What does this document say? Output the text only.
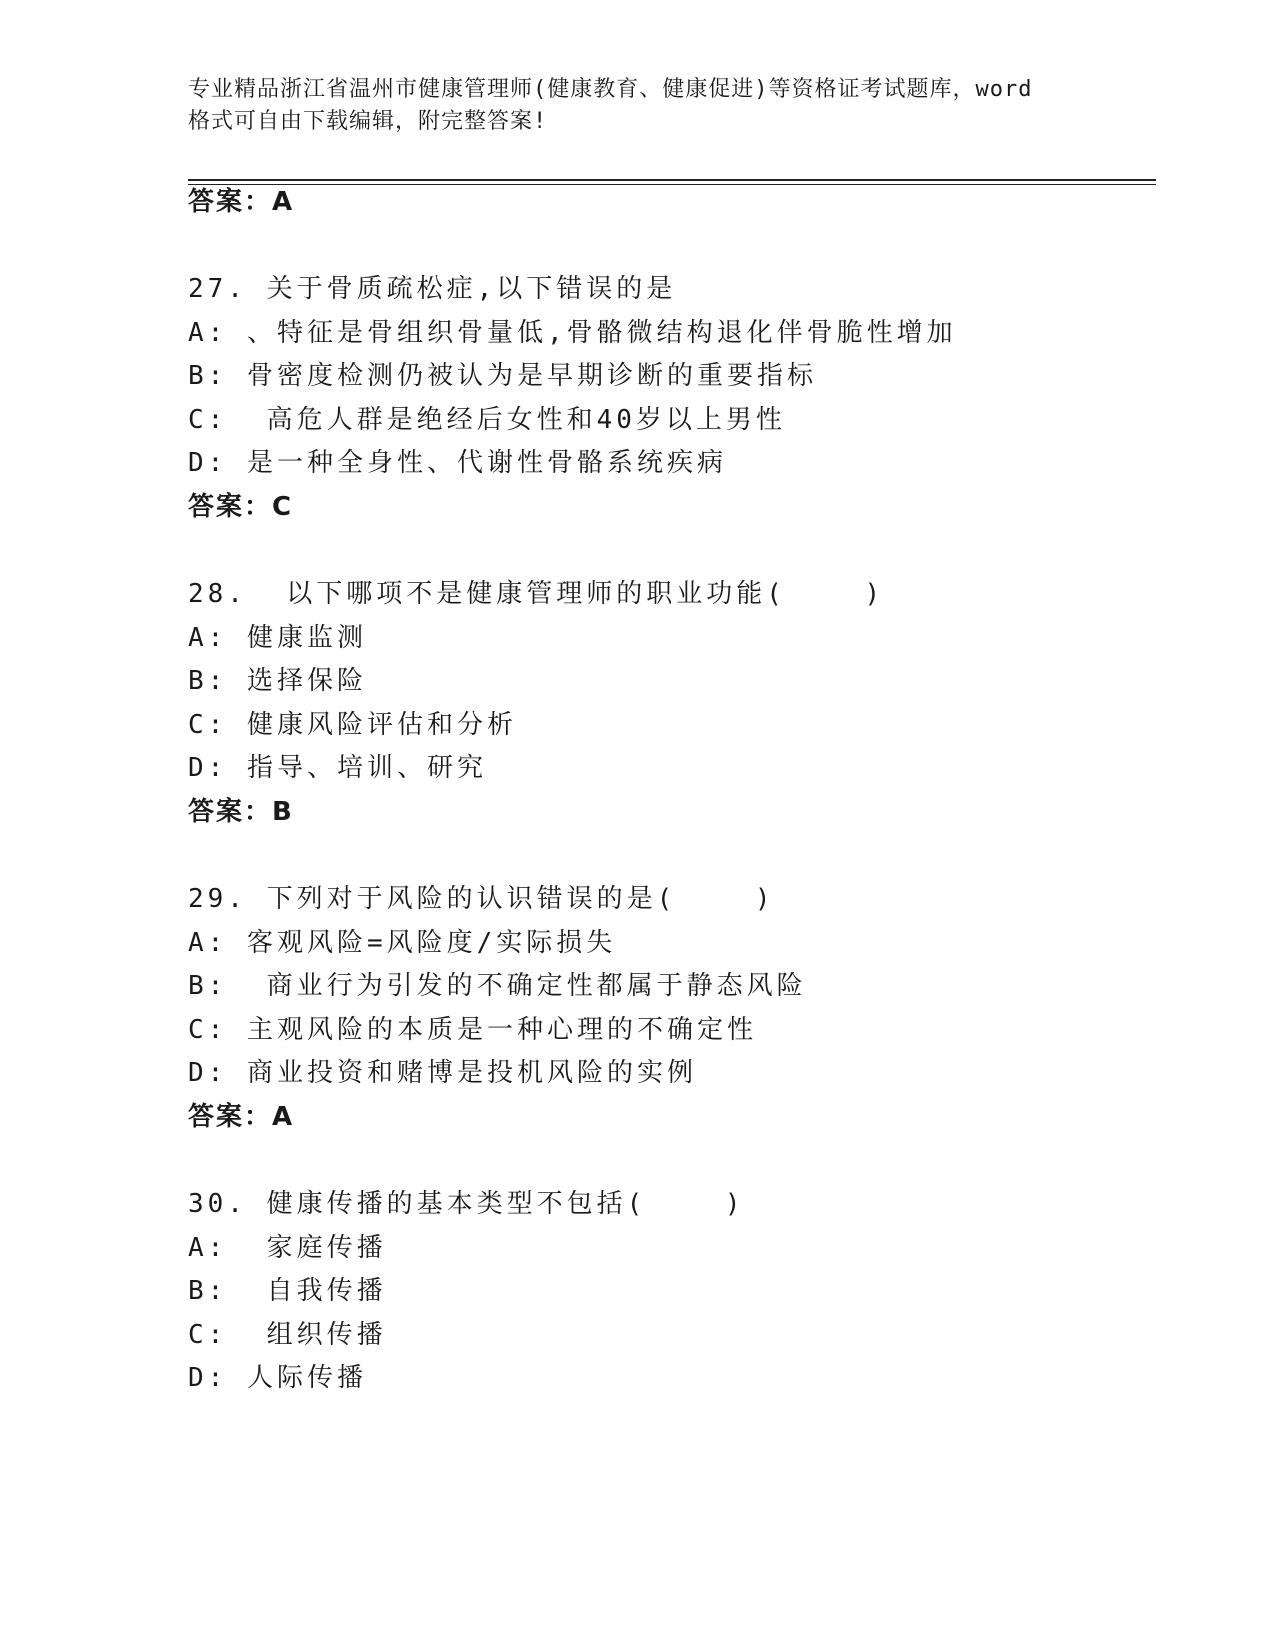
专业精品浙江省温州市健康管理师(健康教育、健康促进)等资格证考试题库，word
格式可自由下载编辑，附完整答案!
答案：A
27. 关于骨质疏松症,以下错误的是
A: 、特征是骨组织骨量低,骨骼微结构退化伴骨脆性增加
B: 骨密度检测仍被认为是早期诊断的重要指标
C:  高危人群是绝经后女性和40岁以上男性
D: 是一种全身性、代谢性骨骼系统疾病
答案：C
28.  以下哪项不是健康管理师的职业功能(    )
A: 健康监测
B: 选择保险
C: 健康风险评估和分析
D: 指导、培训、研究
答案：B
29. 下列对于风险的认识错误的是(    )
A: 客观风险=风险度/实际损失
B:  商业行为引发的不确定性都属于静态风险
C: 主观风险的本质是一种心理的不确定性
D: 商业投资和赌博是投机风险的实例
答案：A
30. 健康传播的基本类型不包括(    )
A:  家庭传播
B:  自我传播
C:  组织传播
D: 人际传播
